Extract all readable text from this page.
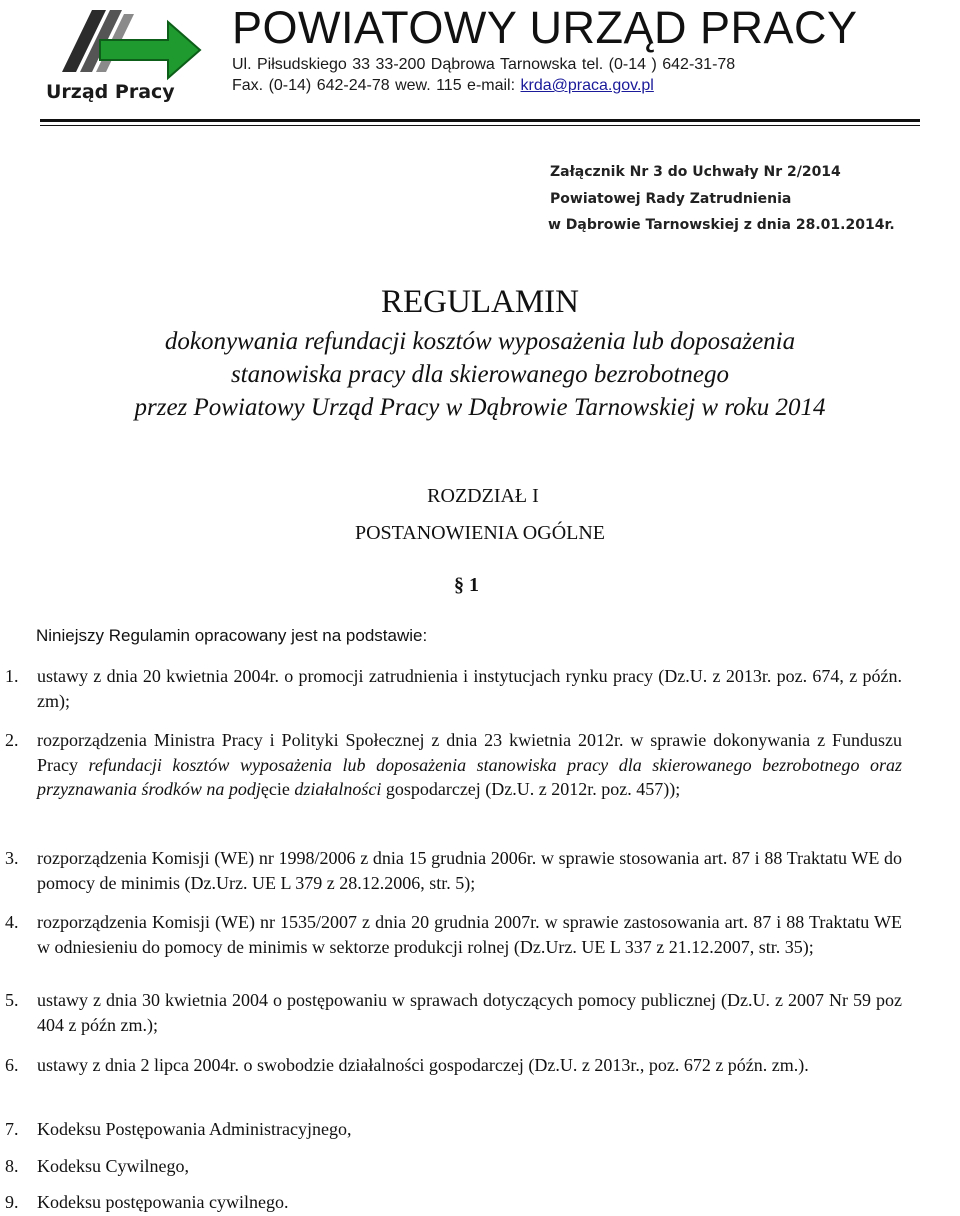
Urząd Pracy
POWIATOWY URZĄD PRACY
Ul. Piłsudskiego 33 33-200 Dąbrowa Tarnowska tel. (0-14 ) 642-31-78
Fax. (0-14) 642-24-78 wew. 115 e-mail: krda@praca.gov.pl
Załącznik Nr 3 do Uchwały Nr 2/2014
Powiatowej Rady Zatrudnienia
w Dąbrowie Tarnowskiej z dnia 28.01.2014r.
REGULAMIN
dokonywania refundacji kosztów wyposażenia lub doposażenia
stanowiska pracy dla skierowanego bezrobotnego
przez Powiatowy Urząd Pracy w Dąbrowie Tarnowskiej w roku 2014
ROZDZIAŁ I
POSTANOWIENIA OGÓLNE
§ 1
Niniejszy Regulamin opracowany jest na podstawie:
1. ustawy z dnia 20 kwietnia 2004r. o promocji zatrudnienia i instytucjach rynku pracy (Dz.U. z 2013r. poz. 674, z późn. zm);
2. rozporządzenia Ministra Pracy i Polityki Społecznej z dnia 23 kwietnia 2012r. w sprawie dokonywania z Funduszu Pracy refundacji kosztów wyposażenia lub doposażenia stanowiska pracy dla skierowanego bezrobotnego oraz przyznawania środków na podjęcie działalności gospodarczej (Dz.U. z 2012r. poz. 457));
3. rozporządzenia Komisji (WE) nr 1998/2006 z dnia 15 grudnia 2006r. w sprawie stosowania art. 87 i 88 Traktatu WE do pomocy de minimis (Dz.Urz. UE L 379 z 28.12.2006, str. 5);
4. rozporządzenia Komisji (WE) nr 1535/2007 z dnia 20 grudnia 2007r. w sprawie zastosowania art. 87 i 88 Traktatu WE w odniesieniu do pomocy de minimis w sektorze produkcji rolnej (Dz.Urz. UE L 337 z 21.12.2007, str. 35);
5. ustawy z dnia 30 kwietnia 2004 o postępowaniu w sprawach dotyczących pomocy publicznej (Dz.U. z 2007 Nr 59 poz 404 z późn zm.);
6. ustawy z dnia 2 lipca 2004r. o swobodzie działalności gospodarczej (Dz.U. z 2013r., poz. 672 z późn. zm.).
7. Kodeksu Postępowania Administracyjnego,
8. Kodeksu Cywilnego,
9. Kodeksu postępowania cywilnego.
